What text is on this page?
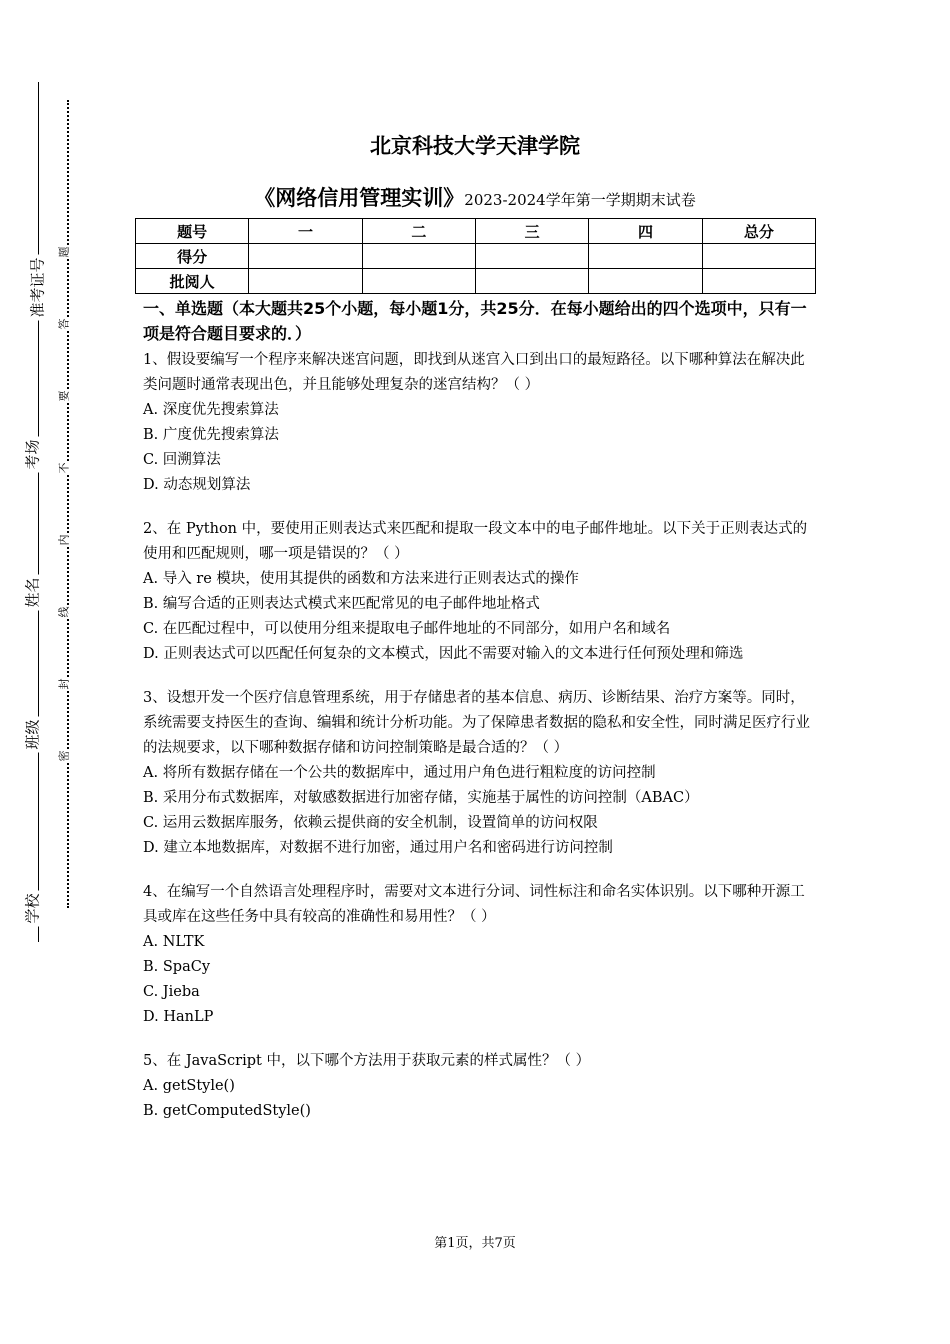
准考证号
考场
姓名
班级
学校
题
答
要
不
内
线
封
密
北京科技大学天津学院
《网络信用管理实训》2023-2024学年第一学期期末试卷
题号	一	二	三	四	总分
得分					
批阅人					
一、单选题（本大题共25个小题，每小题1分，共25分．在每小题给出的四个选项中，只有一项是符合题目要求的．）

1、假设要编写一个程序来解决迷宫问题，即找到从迷宫入口到出口的最短路径。以下哪种算法在解决此类问题时通常表现出色，并且能够处理复杂的迷宫结构？（ ）

A. 深度优先搜索算法
B. 广度优先搜索算法
C. 回溯算法
D. 动态规划算法

2、在 Python 中，要使用正则表达式来匹配和提取一段文本中的电子邮件地址。以下关于正则表达式的使用和匹配规则，哪一项是错误的？（ ）

A. 导入 re 模块，使用其提供的函数和方法来进行正则表达式的操作
B. 编写合适的正则表达式模式来匹配常见的电子邮件地址格式
C. 在匹配过程中，可以使用分组来提取电子邮件地址的不同部分，如用户名和域名
D. 正则表达式可以匹配任何复杂的文本模式，因此不需要对输入的文本进行任何预处理和筛选

3、设想开发一个医疗信息管理系统，用于存储患者的基本信息、病历、诊断结果、治疗方案等。同时，系统需要支持医生的查询、编辑和统计分析功能。为了保障患者数据的隐私和安全性，同时满足医疗行业的法规要求，以下哪种数据存储和访问控制策略是最合适的？（ ）

A. 将所有数据存储在一个公共的数据库中，通过用户角色进行粗粒度的访问控制
B. 采用分布式数据库，对敏感数据进行加密存储，实施基于属性的访问控制（ABAC）
C. 运用云数据库服务，依赖云提供商的安全机制，设置简单的访问权限
D. 建立本地数据库，对数据不进行加密，通过用户名和密码进行访问控制

4、在编写一个自然语言处理程序时，需要对文本进行分词、词性标注和命名实体识别。以下哪种开源工具或库在这些任务中具有较高的准确性和易用性？（ ）

A. NLTK
B. SpaCy
C. Jieba
D. HanLP

5、在 JavaScript 中，以下哪个方法用于获取元素的样式属性？（ ）

A. getStyle()
B. getComputedStyle()
第1页，共7页
